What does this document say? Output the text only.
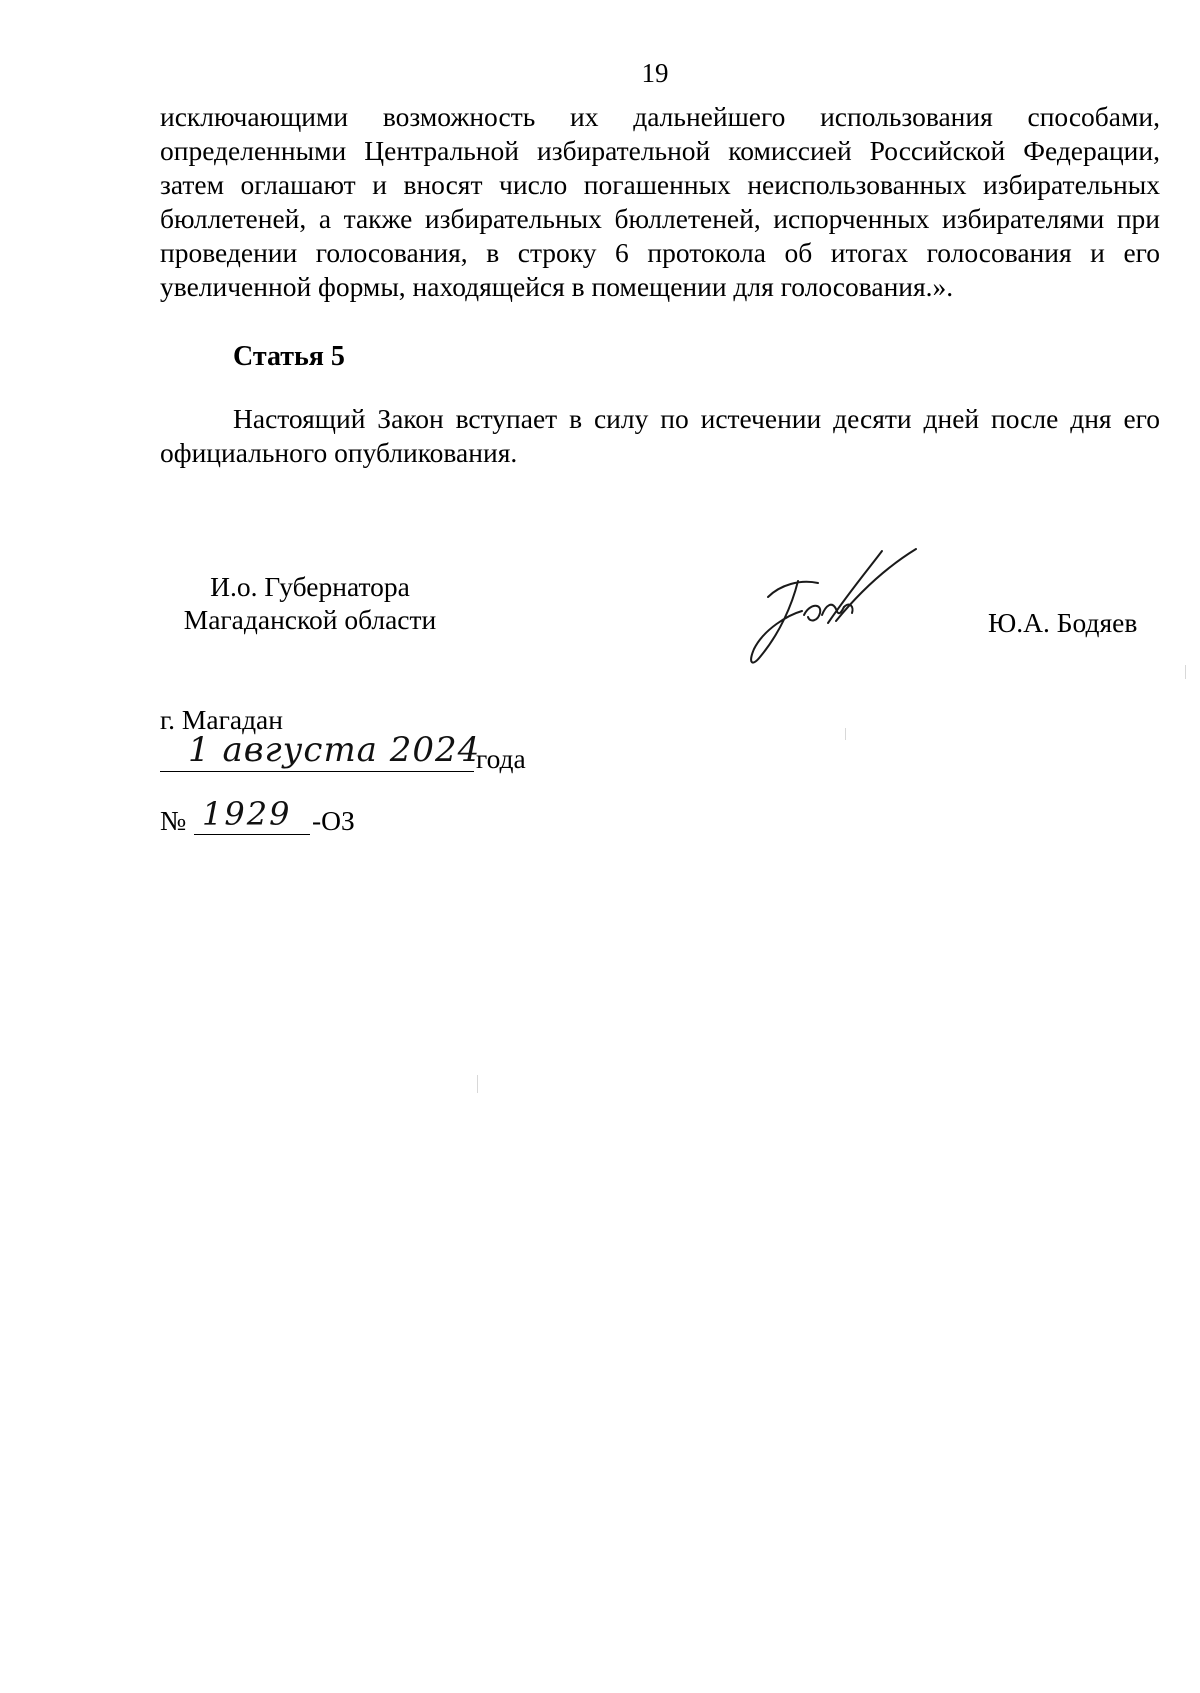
19
исключающими возможность их дальнейшего использования способами, определенными Центральной избирательной комиссией Российской Федерации, затем оглашают и вносят число погашенных неиспользованных избирательных бюллетеней, а также избирательных бюллетеней, испорченных избирателями при проведении голосования, в строку 6 протокола об итогах голосования и его увеличенной формы, находящейся в помещении для голосования.».
Статья 5
Настоящий Закон вступает в силу по истечении десяти дней после дня его официального опубликования.
И.о. Губернатора
Магаданской области	Ю.А. Бодяев
г. Магадан
1 августа 2024
года
№ 1929 -ОЗ
